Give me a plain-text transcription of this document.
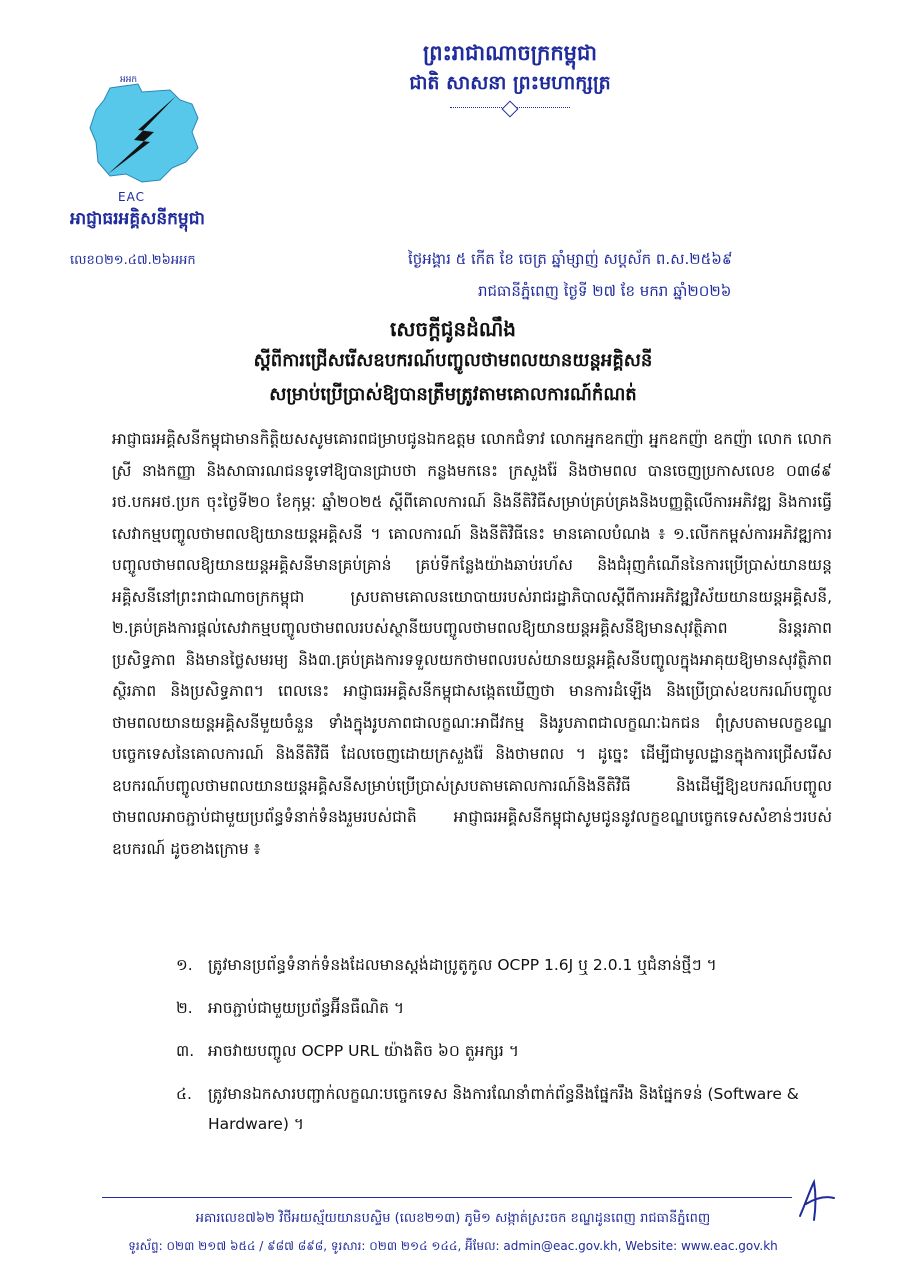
ព្រះរាជាណាចក្រកម្ពុជា
ជាតិ សាសនា ព្រះមហាក្សត្រ
អអក
EAC
អាជ្ញាធរអគ្គិសនីកម្ពុជា
លេខ០២១.៤៧.២៦អអក	ថ្ងៃអង្គារ ៥ កើត ខែ ចេត្រ ឆ្នាំម្សាញ់ សប្តស័ក ព.ស.២៥៦៩
រាជធានីភ្នំពេញ ថ្ងៃទី ២៧ ខែ មករា ឆ្នាំ២០២៦
សេចក្តីជូនដំណឹង
ស្តីពីការជ្រើសរើសឧបករណ៍បញ្ចូលថាមពលយានយន្តអគ្គិសនី
សម្រាប់ប្រើប្រាស់ឱ្យបានត្រឹមត្រូវតាមគោលការណ៍កំណត់
អាជ្ញាធរអគ្គិសនីកម្ពុជាមានកិត្តិយសសូមគោរពជម្រាបជូនឯកឧត្តម លោកជំទាវ លោកអ្នកឧកញ៉ា អ្នកឧកញ៉ា ឧកញ៉ា លោក លោកស្រី នាងកញ្ញា និងសាធារណជនទូទៅឱ្យបានជ្រាបថា កន្លងមកនេះ ក្រសួងរ៉ែ និងថាមពល បានចេញប្រកាសលេខ ០៣៨៩ រថ.បកអថ.ប្រក ចុះថ្ងៃទី២០ ខែកុម្ភៈ ឆ្នាំ២០២៥ ស្តីពីគោលការណ៍ និងនីតិវិធីសម្រាប់គ្រប់គ្រងនិងបញ្ញត្តិលើការអភិវឌ្ឍ និងការធ្វើសេវាកម្មបញ្ចូលថាមពលឱ្យយានយន្តអគ្គិសនី ។ គោលការណ៍ និងនីតិវិធីនេះ មានគោលបំណង ៖ ១.លើកកម្ពស់ការអភិវឌ្ឍការបញ្ចូលថាមពលឱ្យយានយន្តអគ្គិសនីមានគ្រប់គ្រាន់ គ្រប់ទីកន្លែងយ៉ាងឆាប់រហ័ស និងជំរុញកំណើននៃការប្រើប្រាស់យានយន្តអគ្គិសនីនៅព្រះរាជាណាចក្រកម្ពុជា ស្របតាមគោលនយោបាយរបស់រាជរដ្ឋាភិបាលស្តីពីការអភិវឌ្ឍវិស័យយានយន្តអគ្គិសនី, ២.គ្រប់គ្រងការផ្តល់សេវាកម្មបញ្ចូលថាមពលរបស់ស្ថានីយបញ្ចូលថាមពលឱ្យយានយន្តអគ្គិសនីឱ្យមានសុវត្ថិភាព និរន្តរភាព ប្រសិទ្ធភាព និងមានថ្លៃសមរម្យ និង៣.គ្រប់គ្រងការទទួលយកថាមពលរបស់យានយន្តអគ្គិសនីបញ្ចូលក្នុងអាគុយឱ្យមានសុវត្ថិភាព ស្ថិរភាព និងប្រសិទ្ធភាព។ ពេលនេះ អាជ្ញាធរអគ្គិសនីកម្ពុជាសង្កេតឃើញថា មានការដំឡើង និងប្រើប្រាស់ឧបករណ៍បញ្ចូលថាមពលយានយន្តអគ្គិសនីមួយចំនួន ទាំងក្នុងរូបភាពជាលក្ខណៈអាជីវកម្ម និងរូបភាពជាលក្ខណៈឯកជន ពុំស្របតាមលក្ខខណ្ឌបច្ចេកទេសនៃគោលការណ៍ និងនីតិវិធី ដែលចេញដោយក្រសួងរ៉ែ និងថាមពល ។ ដូច្នេះ ដើម្បីជាមូលដ្ឋានក្នុងការជ្រើសរើសឧបករណ៍បញ្ចូលថាមពលយានយន្តអគ្គិសនីសម្រាប់ប្រើប្រាស់ស្របតាមគោលការណ៍និងនីតិវិធី និងដើម្បីឱ្យឧបករណ៍បញ្ចូលថាមពលអាចភ្ជាប់ជាមួយប្រព័ន្ធទំនាក់ទំនងរួមរបស់ជាតិ អាជ្ញាធរអគ្គិសនីកម្ពុជាសូមជូននូវលក្ខខណ្ឌបច្ចេកទេសសំខាន់ៗរបស់ឧបករណ៍ ដូចខាងក្រោម ៖
១. ត្រូវមានប្រព័ន្ធទំនាក់ទំនងដែលមានស្តង់ដាប្រូតូកូល OCPP 1.6J ឬ 2.0.1 ឬជំនាន់ថ្មីៗ ។
២. អាចភ្ជាប់ជាមួយប្រព័ន្ធអ៊ីនធឺណិត ។
៣. អាចវាយបញ្ចូល OCPP URL យ៉ាងតិច ៦០ តួអក្សរ ។
៤.	ត្រូវមានឯកសារបញ្ជាក់លក្ខណៈបច្ចេកទេស និងការណែនាំពាក់ព័ន្ធនឹងផ្នែករឹង និងផ្នែកទន់ (Software & Hardware) ។
អគារលេខ៧៦២ វិថីអយស្ម័យយានបស្ទិម (លេខ២១៣) ភូមិ១ សង្កាត់ស្រះចក ខណ្ឌដូនពេញ រាជធានីភ្នំពេញ
ទូរស័ព្ទ: ០២៣ ២១៧ ៦៥៤ / ៩៨៧ ៨៩៨, ទូរសារ: ០២៣ ២១៤ ១៤៤, អ៊ីមែល: admin@eac.gov.kh, Website: www.eac.gov.kh
